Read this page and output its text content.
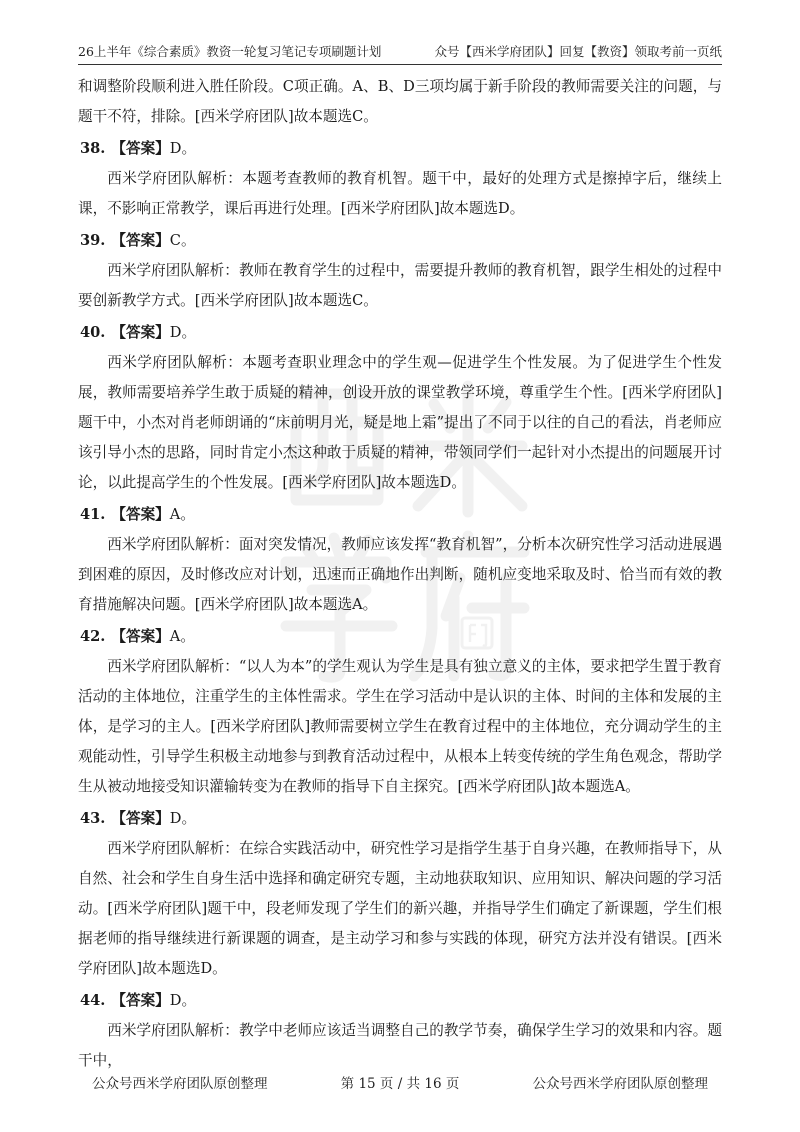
26上半年《综合素质》教资一轮复习笔记专项刷题计划	众号【西米学府团队】回复【教资】领取考前一页纸

和调整阶段顺利进入胜任阶段。C项正确。A、B、D三项均属于新手阶段的教师需要关注的问题，与题干不符，排除。[西米学府团队]故本题选C。

38. 【答案】D。

西米学府团队解析：本题考查教师的教育机智。题干中，最好的处理方式是擦掉字后，继续上课，不影响正常教学，课后再进行处理。[西米学府团队]故本题选D。

39. 【答案】C。

西米学府团队解析：教师在教育学生的过程中，需要提升教师的教育机智，跟学生相处的过程中要创新教学方式。[西米学府团队]故本题选C。

40. 【答案】D。

西米学府团队解析：本题考查职业理念中的学生观—促进学生个性发展。为了促进学生个性发展，教师需要培养学生敢于质疑的精神，创设开放的课堂教学环境，尊重学生个性。[西米学府团队]题干中，小杰对肖老师朗诵的“床前明月光，疑是地上霜”提出了不同于以往的自己的看法，肖老师应该引导小杰的思路，同时肯定小杰这种敢于质疑的精神，带领同学们一起针对小杰提出的问题展开讨论，以此提高学生的个性发展。[西米学府团队]故本题选D。

41. 【答案】A。

西米学府团队解析：面对突发情况，教师应该发挥“教育机智”，分析本次研究性学习活动进展遇到困难的原因，及时修改应对计划，迅速而正确地作出判断，随机应变地采取及时、恰当而有效的教育措施解决问题。[西米学府团队]故本题选A。

42. 【答案】A。

西米学府团队解析：“以人为本”的学生观认为学生是具有独立意义的主体，要求把学生置于教育活动的主体地位，注重学生的主体性需求。学生在学习活动中是认识的主体、时间的主体和发展的主体，是学习的主人。[西米学府团队]教师需要树立学生在教育过程中的主体地位，充分调动学生的主观能动性，引导学生积极主动地参与到教育活动过程中，从根本上转变传统的学生角色观念，帮助学生从被动地接受知识灌输转变为在教师的指导下自主探究。[西米学府团队]故本题选A。

43. 【答案】D。

西米学府团队解析：在综合实践活动中，研究性学习是指学生基于自身兴趣，在教师指导下，从自然、社会和学生自身生活中选择和确定研究专题，主动地获取知识、应用知识、解决问题的学习活动。[西米学府团队]题干中，段老师发现了学生们的新兴趣，并指导学生们确定了新课题，学生们根据老师的指导继续进行新课题的调查，是主动学习和参与实践的体现，研究方法并没有错误。[西米学府团队]故本题选D。

44. 【答案】D。

西米学府团队解析：教学中老师应该适当调整自己的教学节奏，确保学生学习的效果和内容。题干中，

公众号西米学府团队原创整理	第 15 页 / 共 16 页	公众号西米学府团队原创整理
